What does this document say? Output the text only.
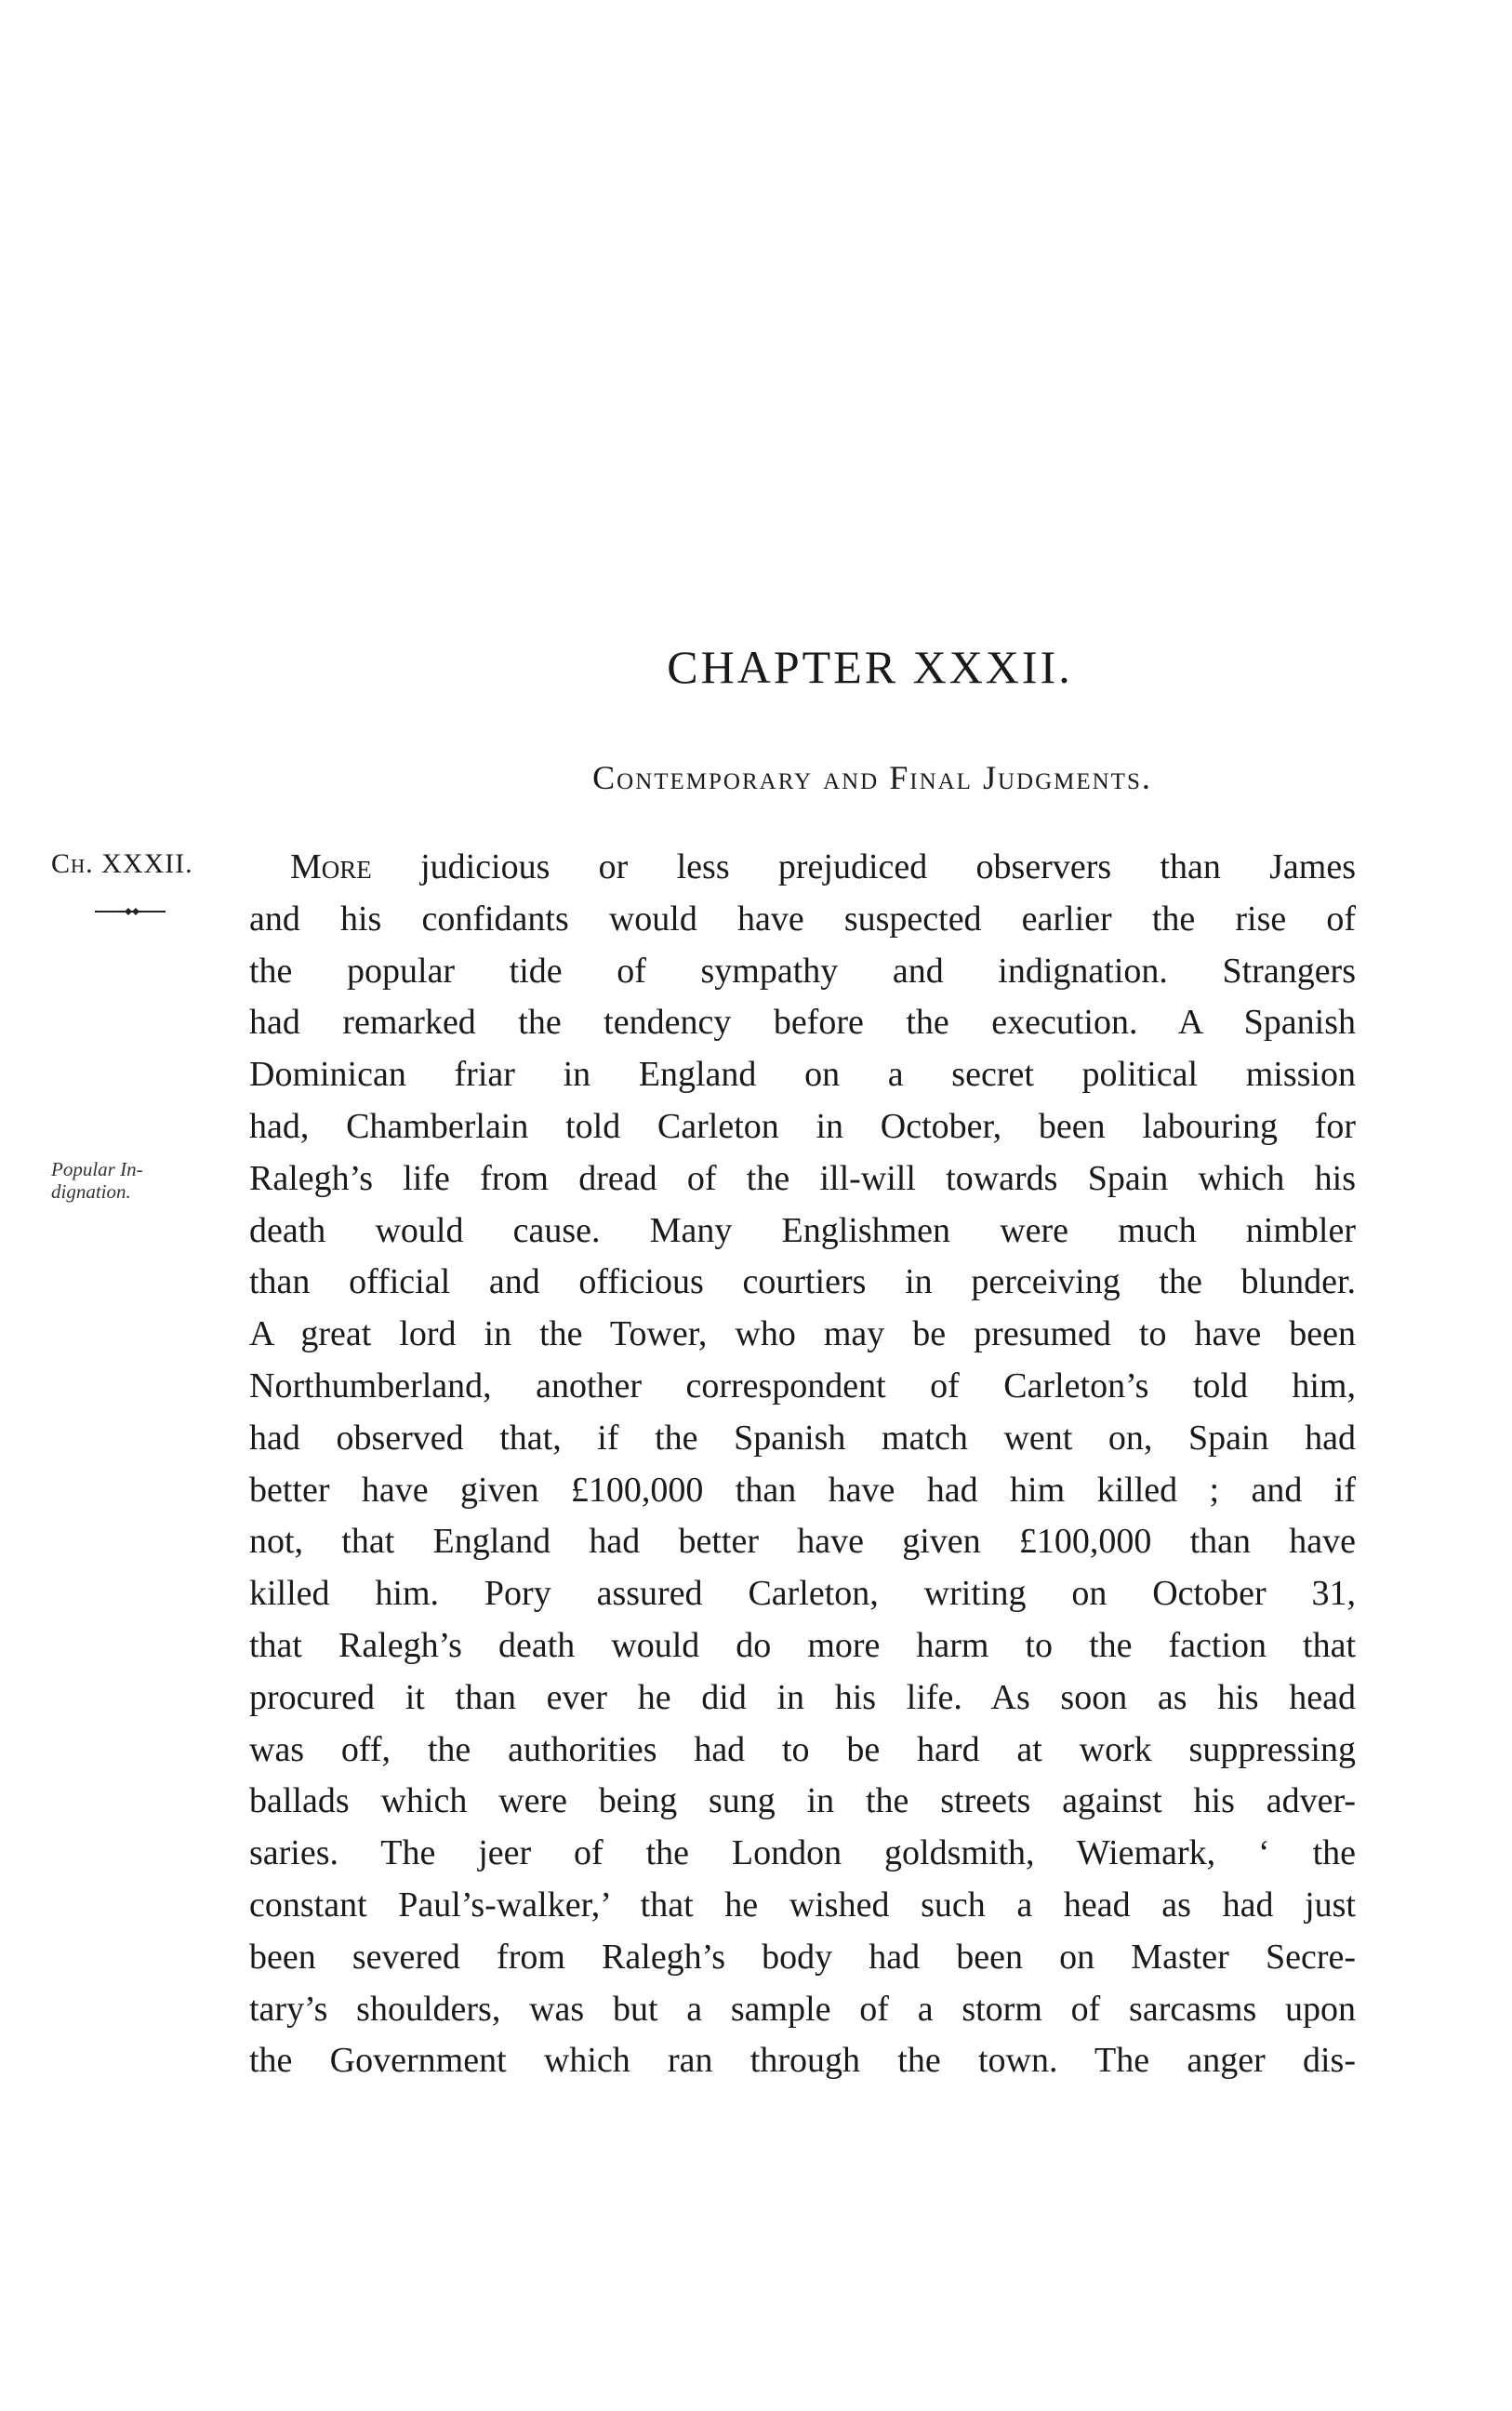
CHAPTER XXXII.
Contemporary and Final Judgments.
Ch. XXXII.
Popular In-
dignation.
More judicious or less prejudiced observers than James
and his confidants would have suspected earlier the rise of
the popular tide of sympathy and indignation. Strangers
had remarked the tendency before the execution. A Spanish
Dominican friar in England on a secret political mission
had, Chamberlain told Carleton in October, been labouring for
Ralegh’s life from dread of the ill-will towards Spain which his
death would cause. Many Englishmen were much nimbler
than official and officious courtiers in perceiving the blunder.
A great lord in the Tower, who may be presumed to have been
Northumberland, another correspondent of Carleton’s told him,
had observed that, if the Spanish match went on, Spain had
better have given £100,000 than have had him killed ; and if
not, that England had better have given £100,000 than have
killed him. Pory assured Carleton, writing on October 31,
that Ralegh’s death would do more harm to the faction that
procured it than ever he did in his life. As soon as his head
was off, the authorities had to be hard at work suppressing
ballads which were being sung in the streets against his adver-
saries. The jeer of the London goldsmith, Wiemark, ‘ the
constant Paul’s-walker,’ that he wished such a head as had just
been severed from Ralegh’s body had been on Master Secre-
tary’s shoulders, was but a sample of a storm of sarcasms upon
the Government which ran through the town. The anger dis-
